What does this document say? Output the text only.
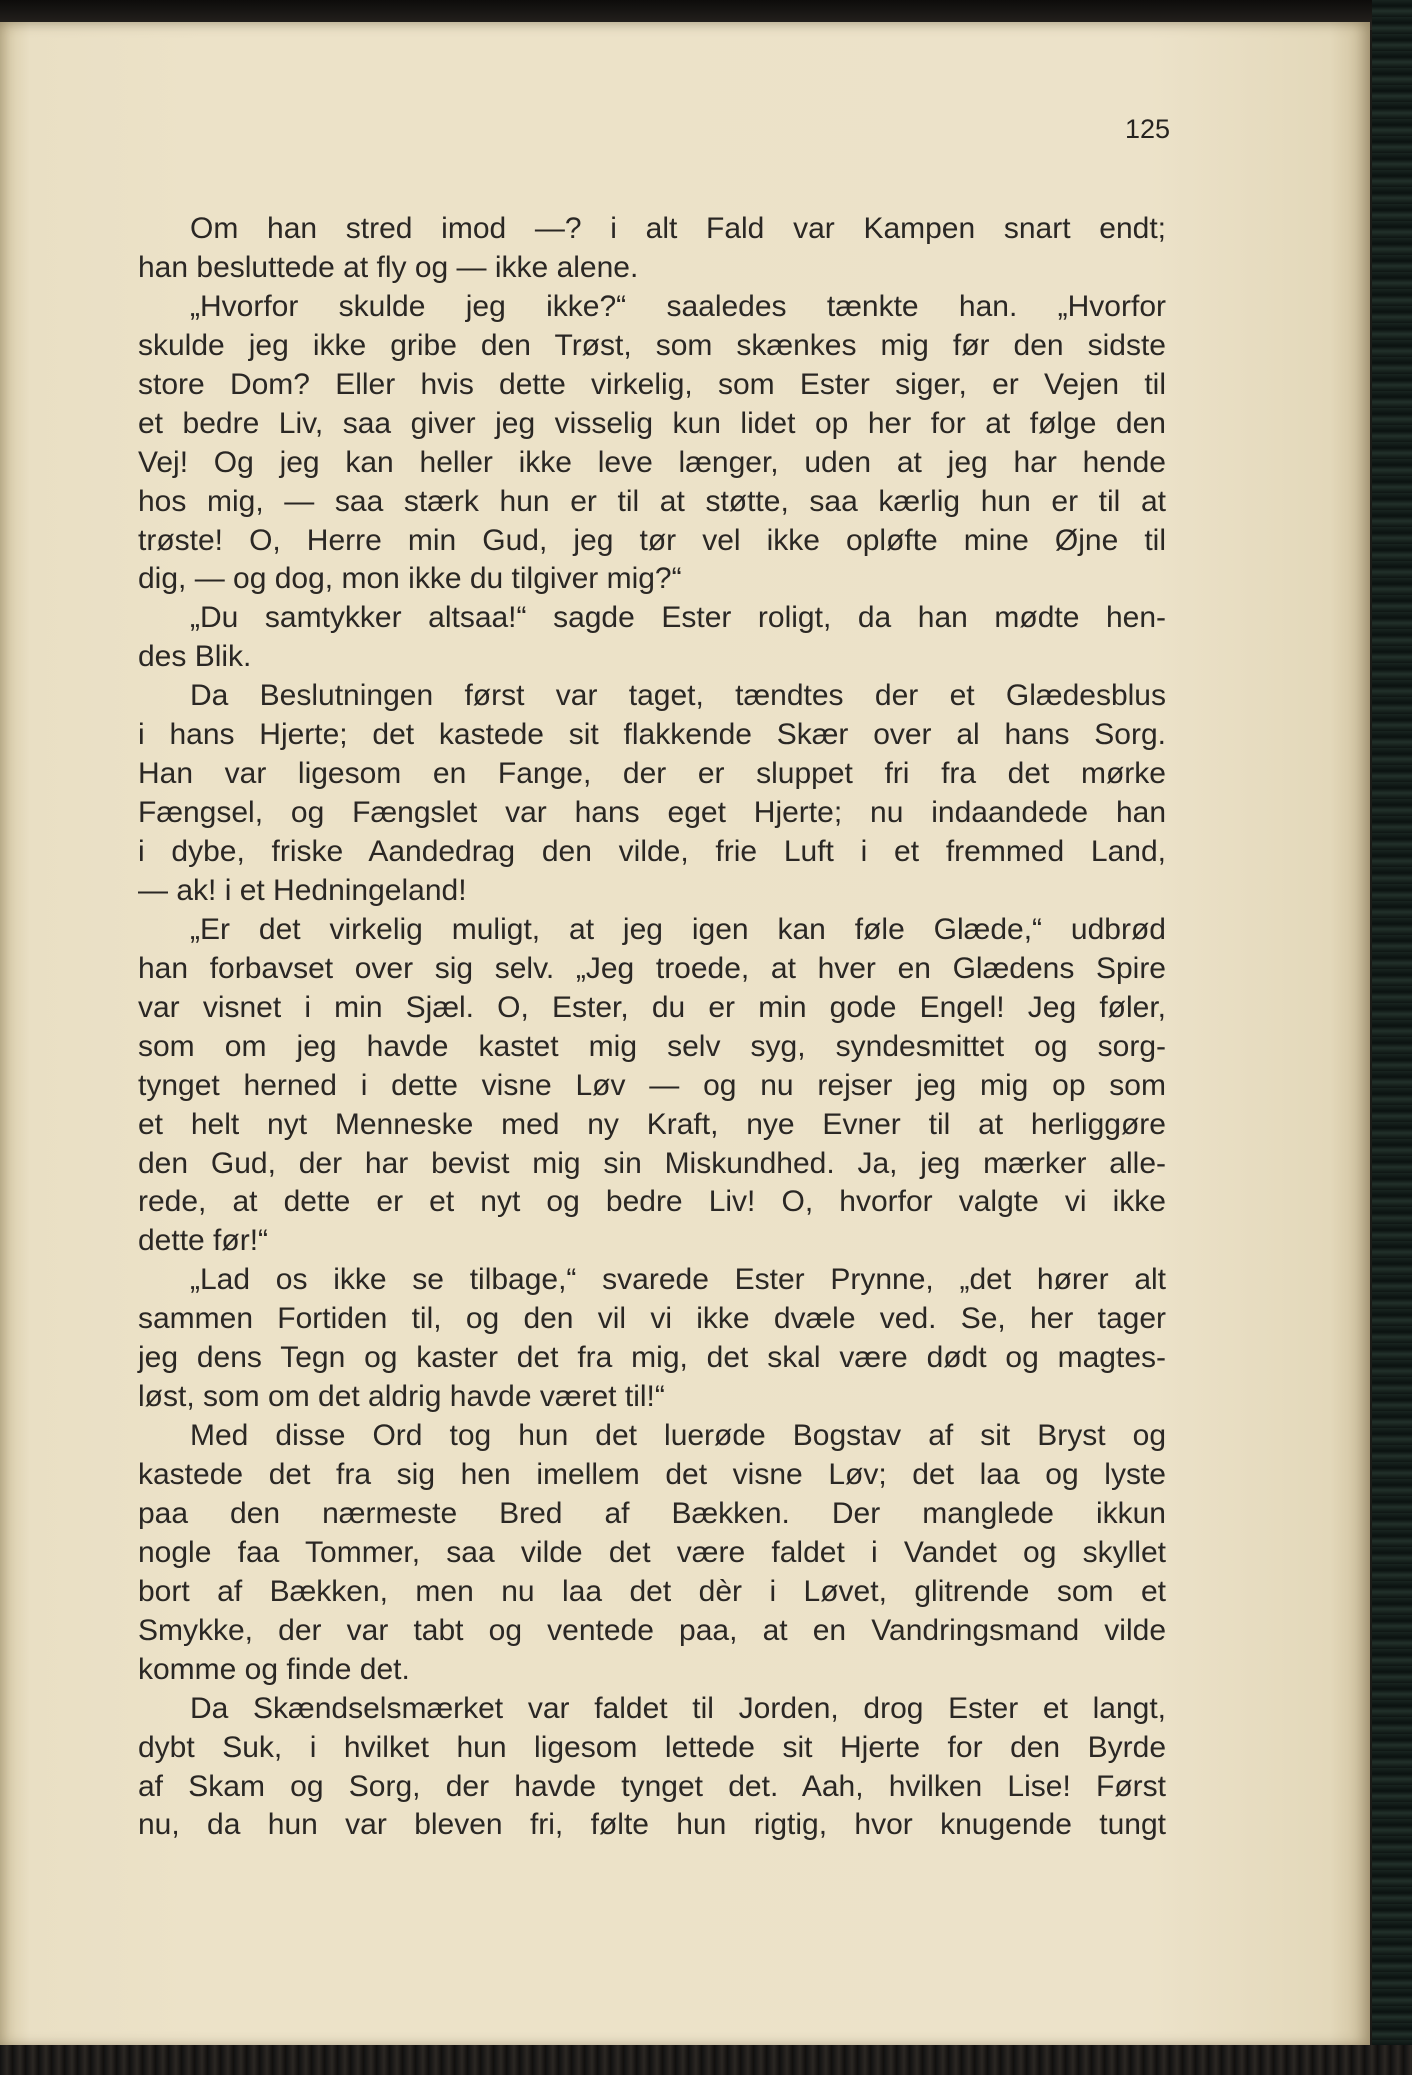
125
Om han stred imod —? i alt Fald var Kampen snart endt;
han besluttede at fly og — ikke alene.
„Hvorfor skulde jeg ikke?“ saaledes tænkte han. „Hvorfor
skulde jeg ikke gribe den Trøst, som skænkes mig før den sidste
store Dom? Eller hvis dette virkelig, som Ester siger, er Vejen til
et bedre Liv, saa giver jeg visselig kun lidet op her for at følge den
Vej! Og jeg kan heller ikke leve længer, uden at jeg har hende
hos mig, — saa stærk hun er til at støtte, saa kærlig hun er til at
trøste! O, Herre min Gud, jeg tør vel ikke opløfte mine Øjne til
dig, — og dog, mon ikke du tilgiver mig?“
„Du samtykker altsaa!“ sagde Ester roligt, da han mødte hen-
des Blik.
Da Beslutningen først var taget, tændtes der et Glædesblus
i hans Hjerte; det kastede sit flakkende Skær over al hans Sorg.
Han var ligesom en Fange, der er sluppet fri fra det mørke
Fængsel, og Fængslet var hans eget Hjerte; nu indaandede han
i dybe, friske Aandedrag den vilde, frie Luft i et fremmed Land,
— ak! i et Hedningeland!
„Er det virkelig muligt, at jeg igen kan føle Glæde,“ udbrød
han forbavset over sig selv. „Jeg troede, at hver en Glædens Spire
var visnet i min Sjæl. O, Ester, du er min gode Engel! Jeg føler,
som om jeg havde kastet mig selv syg, syndesmittet og sorg-
tynget herned i dette visne Løv — og nu rejser jeg mig op som
et helt nyt Menneske med ny Kraft, nye Evner til at herliggøre
den Gud, der har bevist mig sin Miskundhed. Ja, jeg mærker alle-
rede, at dette er et nyt og bedre Liv! O, hvorfor valgte vi ikke
dette før!“
„Lad os ikke se tilbage,“ svarede Ester Prynne, „det hører alt
sammen Fortiden til, og den vil vi ikke dvæle ved. Se, her tager
jeg dens Tegn og kaster det fra mig, det skal være dødt og magtes-
løst, som om det aldrig havde været til!“
Med disse Ord tog hun det luerøde Bogstav af sit Bryst og
kastede det fra sig hen imellem det visne Løv; det laa og lyste
paa den nærmeste Bred af Bækken. Der manglede ikkun
nogle faa Tommer, saa vilde det være faldet i Vandet og skyllet
bort af Bækken, men nu laa det dèr i Løvet, glitrende som et
Smykke, der var tabt og ventede paa, at en Vandringsmand vilde
komme og finde det.
Da Skændselsmærket var faldet til Jorden, drog Ester et langt,
dybt Suk, i hvilket hun ligesom lettede sit Hjerte for den Byrde
af Skam og Sorg, der havde tynget det. Aah, hvilken Lise! Først
nu, da hun var bleven fri, følte hun rigtig, hvor knugende tungt
